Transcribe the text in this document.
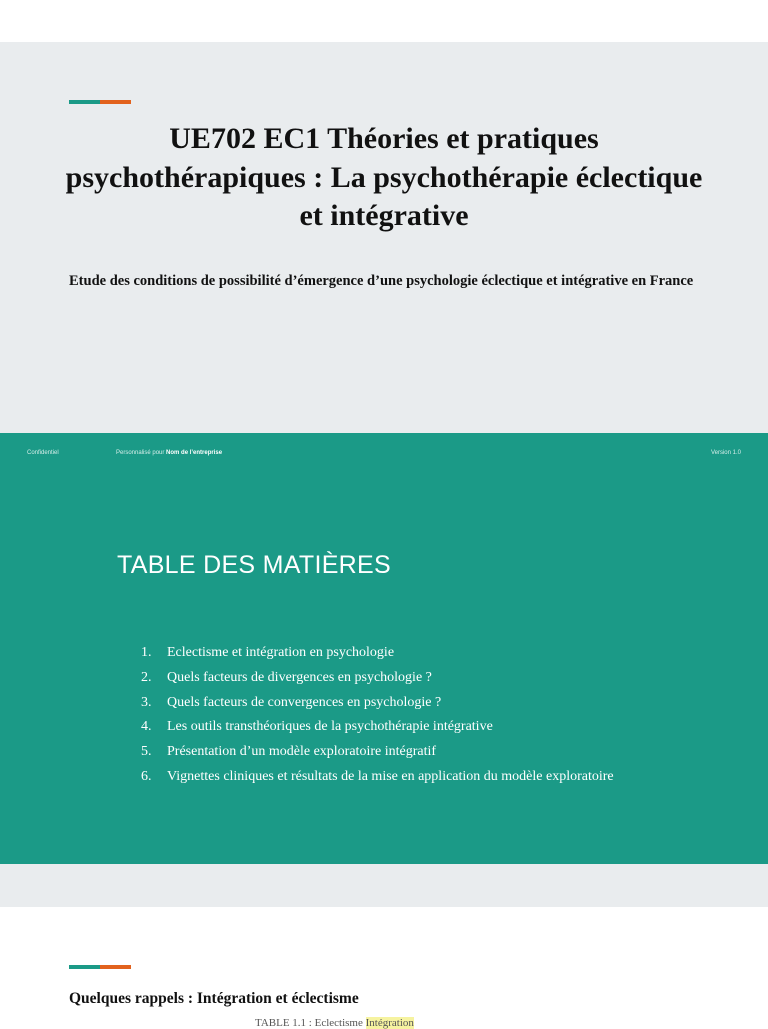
UE702 EC1 Théories et pratiques psychothérapiques : La psychothérapie éclectique et intégrative
Etude des conditions de possibilité d’émergence d’une psychologie éclectique et intégrative en France
Confidentiel	Personnalisé pour Nom de l’entreprise	Version 1.0
TABLE DES MATIÈRES
1. Eclectisme et intégration en psychologie
2. Quels facteurs de divergences en psychologie ?
3. Quels facteurs de convergences en psychologie ?
4. Les outils transthéoriques de la psychothérapie intégrative
5. Présentation d’un modèle exploratoire intégratif
6. Vignettes cliniques et résultats de la mise en application du modèle exploratoire
Quelques rappels : Intégration et éclectisme
TABLE 1.1 : Eclectisme Intégration
